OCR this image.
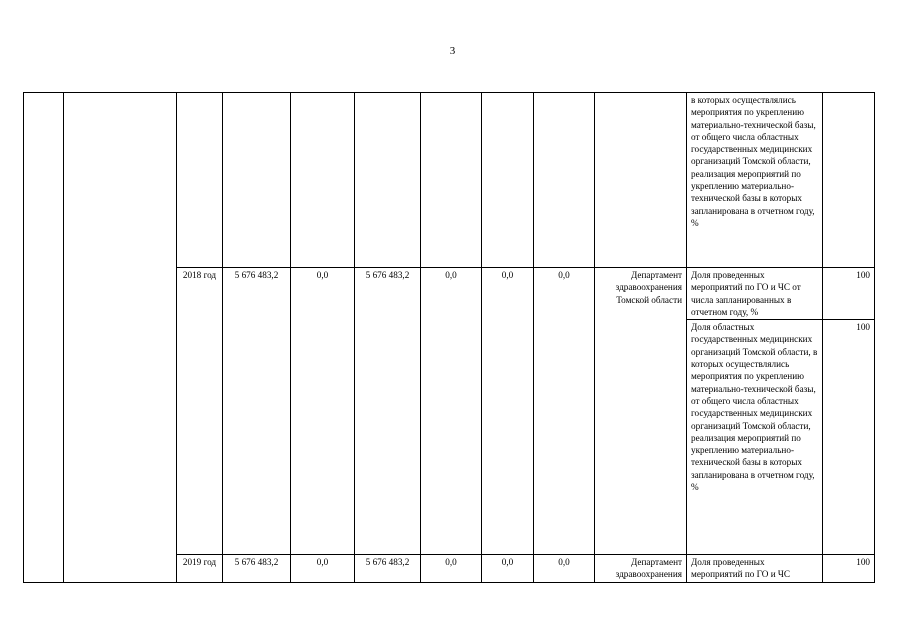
3
										в которых осуществлялись мероприятия по укреплению материально-технической базы, от общего числа областных государственных медицинских организаций Томской области, реализация мероприятий по укреплению материально-технической базы в которых запланирована в отчетном году, %	
		2018 год	5 676 483,2	0,0	5 676 483,2	0,0	0,0	0,0	Департамент здравоохранения Томской области	Доля проведенных мероприятий по ГО и ЧС от числа запланированных в отчетном году, %	100
										Доля областных государственных медицинских организаций Томской области, в которых осуществлялись мероприятия по укреплению материально-технической базы, от общего числа областных государственных медицинских организаций Томской области, реализация мероприятий по укреплению материально-технической базы в которых запланирована в отчетном году, %	100
		2019 год	5 676 483,2	0,0	5 676 483,2	0,0	0,0	0,0	Департамент здравоохранения	Доля проведенных мероприятий по ГО и ЧС	100
